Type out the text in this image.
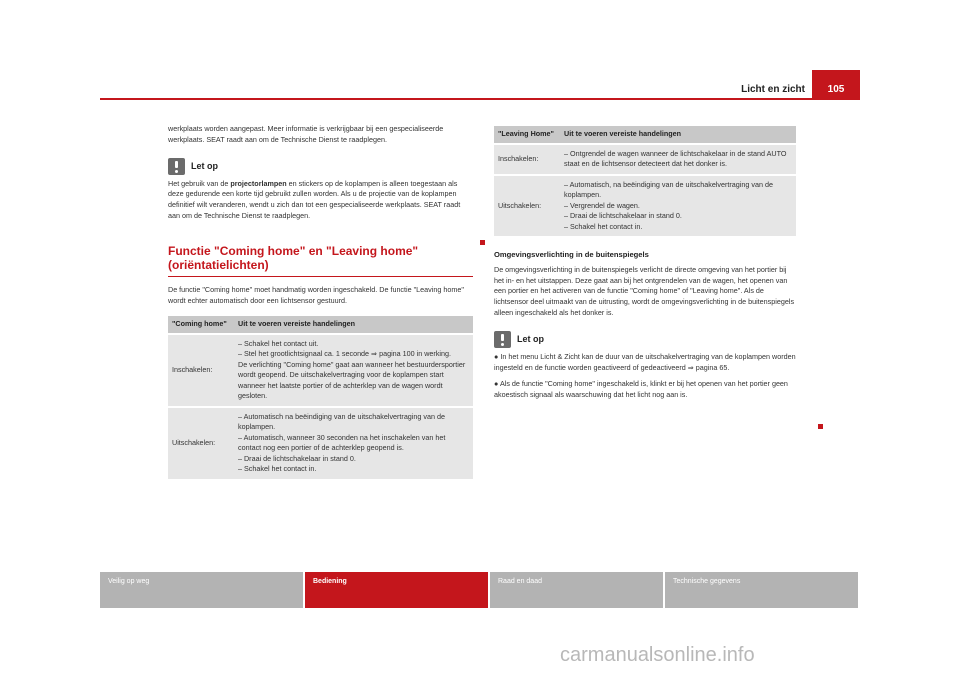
Licht en zicht	105

werkplaats worden aangepast. Meer informatie is verkrijgbaar bij een gespecialiseerde werkplaats. SEAT raadt aan om de Technische Dienst te raadplegen.

Let op

Het gebruik van de projectorlampen en stickers op de koplampen is alleen toegestaan als deze gedurende een korte tijd gebruikt zullen worden. Als u de projectie van de koplampen definitief wilt veranderen, wendt u zich dan tot een gespecialiseerde werkplaats. SEAT raadt aan om de Technische Dienst te raadplegen.

Functie "Coming home" en "Leaving home" (oriëntatielichten)

De functie "Coming home" moet handmatig worden ingeschakeld. De functie "Leaving home" wordt echter automatisch door een lichtsensor gestuurd.

"Coming home"	Uit te voeren vereiste handelingen
Inschakelen:	– Schakel het contact uit.
– Stel het grootlichtsignaal ca. 1 seconde ⇒ pagina 100 in werking.
De verlichting "Coming home" gaat aan wanneer het bestuurdersportier wordt geopend. De uitschakelvertraging voor de koplampen start wanneer het laatste portier of de achterklep van de wagen wordt gesloten.

Uitschakelen:	– Automatisch na beëindiging van de uitschakelvertraging van de koplampen.
– Automatisch, wanneer 30 seconden na het inschakelen van het contact nog een portier of de achterklep geopend is.
– Draai de lichtschakelaar in stand 0.
– Schakel het contact in.
"Leaving Home"	Uit te voeren vereiste handelingen
Inschakelen:	– Ontgrendel de wagen wanneer de lichtschakelaar in de stand AUTO staat en de lichtsensor detecteert dat het donker is.

Uitschakelen:	– Automatisch, na beëindiging van de uitschakelvertraging van de koplampen.
– Vergrendel de wagen.
– Draai de lichtschakelaar in stand 0.
– Schakel het contact in.
Omgevingsverlichting in de buitenspiegels

De omgevingsverlichting in de buitenspiegels verlicht de directe omgeving van het portier bij het in- en het uitstappen. Deze gaat aan bij het ontgrendelen van de wagen, het openen van een portier en het activeren van de functie "Coming home" of "Leaving home". Als de lichtsensor deel uitmaakt van de uitrusting, wordt de omgevingsverlichting in de buitenspiegels alleen ingeschakeld als het donker is.

Let op

● In het menu Licht & Zicht kan de duur van de uitschakelvertraging van de koplampen worden ingesteld en de functie worden geactiveerd of gedeactiveerd ⇒ pagina 65.

● Als de functie "Coming home" ingeschakeld is, klinkt er bij het openen van het portier geen akoestisch signaal als waarschuwing dat het licht nog aan is.

Veilig op weg	Bediening	Raad en daad	Technische gegevens
carmanualsonline.info
